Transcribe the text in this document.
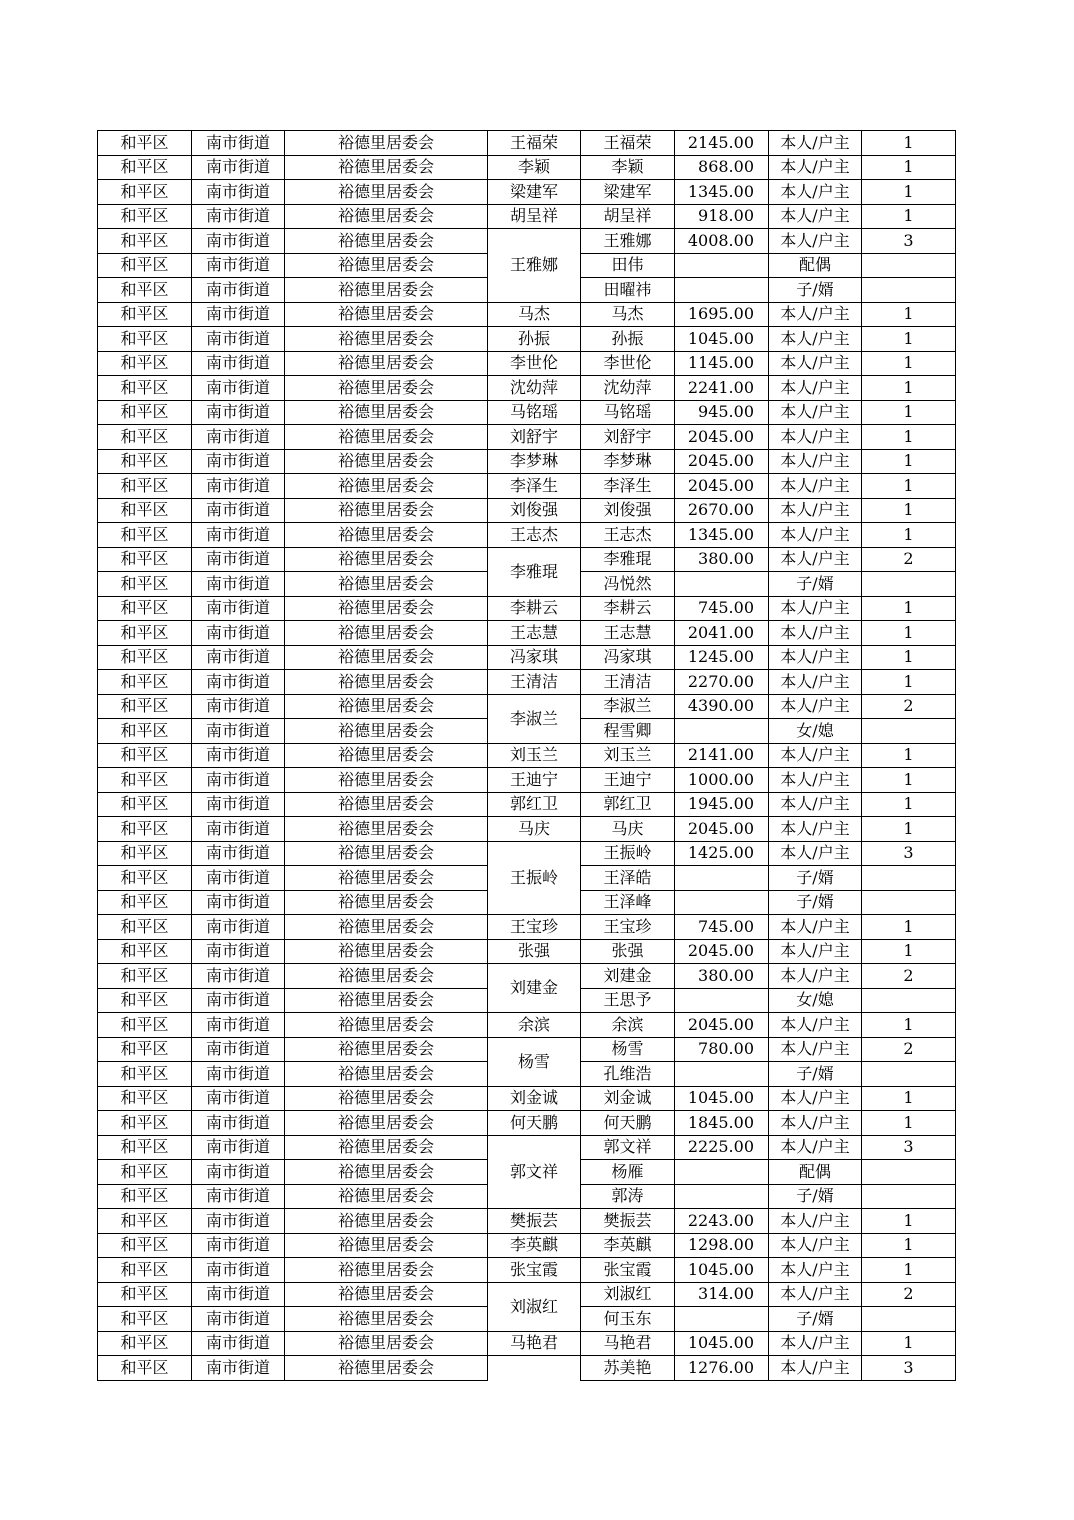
和平区	南市街道	裕德里居委会	王福荣	王福荣	2145.00	本人/户主	1
和平区	南市街道	裕德里居委会	李颖	李颖	868.00	本人/户主	1
和平区	南市街道	裕德里居委会	梁建军	梁建军	1345.00	本人/户主	1
和平区	南市街道	裕德里居委会	胡呈祥	胡呈祥	918.00	本人/户主	1
和平区	南市街道	裕德里居委会	王雅娜	王雅娜	4008.00	本人/户主	3
和平区	南市街道	裕德里居委会		田伟		配偶	
和平区	南市街道	裕德里居委会		田曜祎		子/婿	
和平区	南市街道	裕德里居委会	马杰	马杰	1695.00	本人/户主	1
和平区	南市街道	裕德里居委会	孙振	孙振	1045.00	本人/户主	1
和平区	南市街道	裕德里居委会	李世伦	李世伦	1145.00	本人/户主	1
和平区	南市街道	裕德里居委会	沈幼萍	沈幼萍	2241.00	本人/户主	1
和平区	南市街道	裕德里居委会	马铭瑶	马铭瑶	945.00	本人/户主	1
和平区	南市街道	裕德里居委会	刘舒宇	刘舒宇	2045.00	本人/户主	1
和平区	南市街道	裕德里居委会	李梦琳	李梦琳	2045.00	本人/户主	1
和平区	南市街道	裕德里居委会	李泽生	李泽生	2045.00	本人/户主	1
和平区	南市街道	裕德里居委会	刘俊强	刘俊强	2670.00	本人/户主	1
和平区	南市街道	裕德里居委会	王志杰	王志杰	1345.00	本人/户主	1
和平区	南市街道	裕德里居委会	李雅琨	李雅琨	380.00	本人/户主	2
和平区	南市街道	裕德里居委会		冯悦然		子/婿	
和平区	南市街道	裕德里居委会	李耕云	李耕云	745.00	本人/户主	1
和平区	南市街道	裕德里居委会	王志慧	王志慧	2041.00	本人/户主	1
和平区	南市街道	裕德里居委会	冯家琪	冯家琪	1245.00	本人/户主	1
和平区	南市街道	裕德里居委会	王清洁	王清洁	2270.00	本人/户主	1
和平区	南市街道	裕德里居委会	李淑兰	李淑兰	4390.00	本人/户主	2
和平区	南市街道	裕德里居委会		程雪卿		女/媳	
和平区	南市街道	裕德里居委会	刘玉兰	刘玉兰	2141.00	本人/户主	1
和平区	南市街道	裕德里居委会	王迪宁	王迪宁	1000.00	本人/户主	1
和平区	南市街道	裕德里居委会	郭红卫	郭红卫	1945.00	本人/户主	1
和平区	南市街道	裕德里居委会	马庆	马庆	2045.00	本人/户主	1
和平区	南市街道	裕德里居委会	王振岭	王振岭	1425.00	本人/户主	3
和平区	南市街道	裕德里居委会		王泽皓		子/婿	
和平区	南市街道	裕德里居委会		王泽峰		子/婿	
和平区	南市街道	裕德里居委会	王宝珍	王宝珍	745.00	本人/户主	1
和平区	南市街道	裕德里居委会	张强	张强	2045.00	本人/户主	1
和平区	南市街道	裕德里居委会	刘建金	刘建金	380.00	本人/户主	2
和平区	南市街道	裕德里居委会		王思予		女/媳	
和平区	南市街道	裕德里居委会	余滨	余滨	2045.00	本人/户主	1
和平区	南市街道	裕德里居委会	杨雪	杨雪	780.00	本人/户主	2
和平区	南市街道	裕德里居委会		孔维浩		子/婿	
和平区	南市街道	裕德里居委会	刘金诚	刘金诚	1045.00	本人/户主	1
和平区	南市街道	裕德里居委会	何天鹏	何天鹏	1845.00	本人/户主	1
和平区	南市街道	裕德里居委会	郭文祥	郭文祥	2225.00	本人/户主	3
和平区	南市街道	裕德里居委会		杨雁		配偶	
和平区	南市街道	裕德里居委会		郭涛		子/婿	
和平区	南市街道	裕德里居委会	樊振芸	樊振芸	2243.00	本人/户主	1
和平区	南市街道	裕德里居委会	李英麒	李英麒	1298.00	本人/户主	1
和平区	南市街道	裕德里居委会	张宝霞	张宝霞	1045.00	本人/户主	1
和平区	南市街道	裕德里居委会	刘淑红	刘淑红	314.00	本人/户主	2
和平区	南市街道	裕德里居委会		何玉东		子/婿	
和平区	南市街道	裕德里居委会	马艳君	马艳君	1045.00	本人/户主	1
和平区	南市街道	裕德里居委会		苏美艳	1276.00	本人/户主	3
